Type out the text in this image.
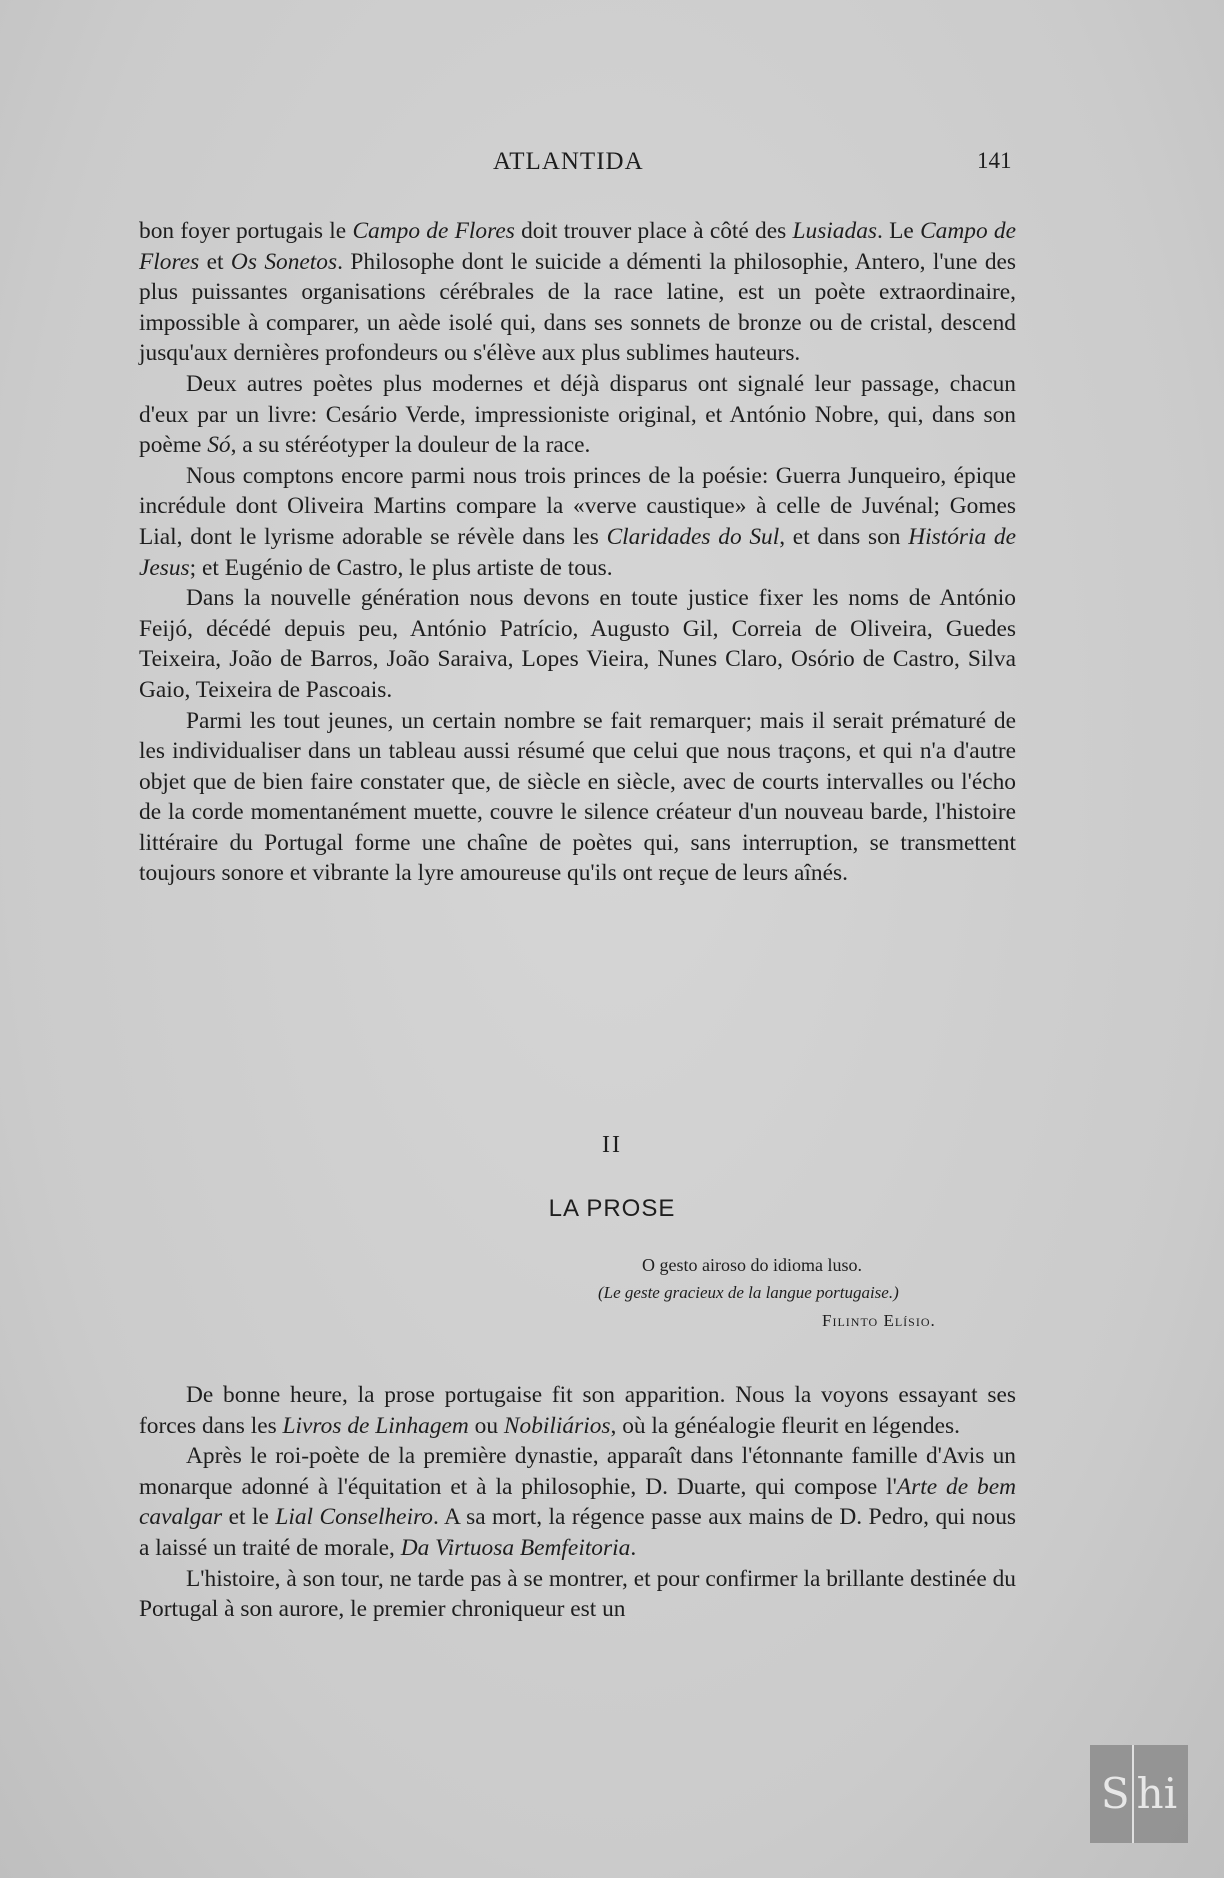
ATLANTIDA	141

bon foyer portugais le Campo de Flores doit trouver place à côté des Lusiadas. Le Campo de Flores et Os Sonetos. Philosophe dont le suicide a démenti la philosophie, Antero, l'une des plus puissantes organisations cérébrales de la race latine, est un poète extraordinaire, impossible à comparer, un aède isolé qui, dans ses sonnets de bronze ou de cristal, descend jusqu'aux dernières profondeurs ou s'élève aux plus sublimes hauteurs.

Deux autres poètes plus modernes et déjà disparus ont signalé leur passage, chacun d'eux par un livre: Cesário Verde, impressioniste original, et António Nobre, qui, dans son poème Só, a su stéréotyper la douleur de la race.

Nous comptons encore parmi nous trois princes de la poésie: Guerra Junqueiro, épique incrédule dont Oliveira Martins compare la «verve caustique» à celle de Juvénal; Gomes Lial, dont le lyrisme adorable se révèle dans les Claridades do Sul, et dans son História de Jesus; et Eugénio de Castro, le plus artiste de tous.

Dans la nouvelle génération nous devons en toute justice fixer les noms de António Feijó, décédé depuis peu, António Patrício, Augusto Gil, Correia de Oliveira, Guedes Teixeira, João de Barros, João Saraiva, Lopes Vieira, Nunes Claro, Osório de Castro, Silva Gaio, Teixeira de Pascoais.

Parmi les tout jeunes, un certain nombre se fait remarquer; mais il serait prématuré de les individualiser dans un tableau aussi résumé que celui que nous traçons, et qui n'a d'autre objet que de bien faire constater que, de siècle en siècle, avec de courts intervalles ou l'écho de la corde momentanément muette, couvre le silence créateur d'un nouveau barde, l'histoire littéraire du Portugal forme une chaîne de poètes qui, sans interruption, se transmettent toujours sonore et vibrante la lyre amoureuse qu'ils ont reçue de leurs aînés.

II
LA PROSE
O gesto airoso do idioma luso.
(Le geste gracieux de la langue portugaise.)
Filinto Elísio.

De bonne heure, la prose portugaise fit son apparition. Nous la voyons essayant ses forces dans les Livros de Linhagem ou Nobiliários, où la généalogie fleurit en légendes.

Après le roi-poète de la première dynastie, apparaît dans l'étonnante famille d'Avis un monarque adonné à l'équitation et à la philosophie, D. Duarte, qui compose l'Arte de bem cavalgar et le Lial Conselheiro. A sa mort, la régence passe aux mains de D. Pedro, qui nous a laissé un traité de morale, Da Virtuosa Bemfeitoria.

L'histoire, à son tour, ne tarde pas à se montrer, et pour confirmer la brillante destinée du Portugal à son aurore, le premier chroniqueur est un

S hi
